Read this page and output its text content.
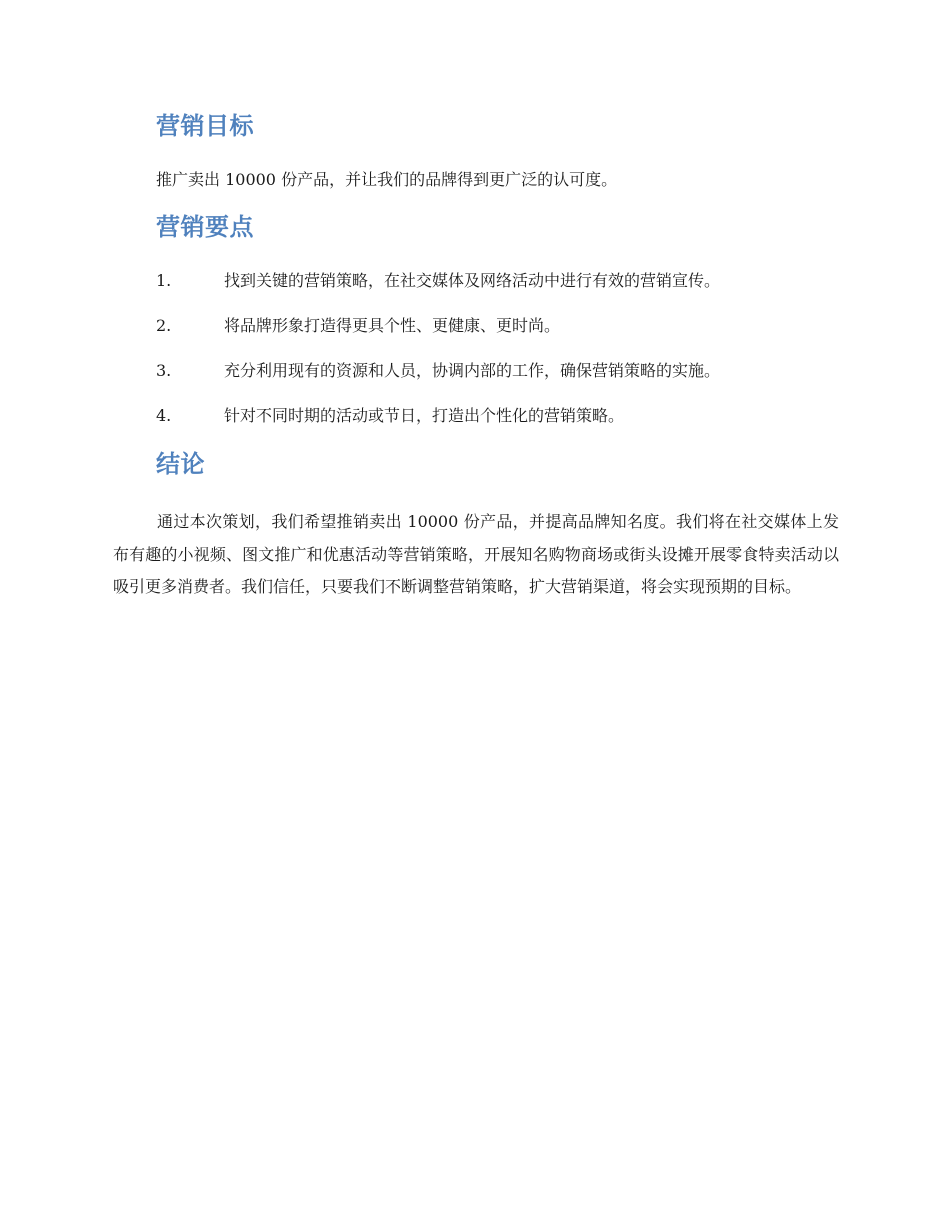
营销目标

推广卖出 10000 份产品，并让我们的品牌得到更广泛的认可度。

营销要点
1.	找到关键的营销策略，在社交媒体及网络活动中进行有效的营销宣传。
2.	将品牌形象打造得更具个性、更健康、更时尚。
3.	充分利用现有的资源和人员，协调内部的工作，确保营销策略的实施。
4.	针对不同时期的活动或节日，打造出个性化的营销策略。
结论

通过本次策划，我们希望推销卖出 10000 份产品，并提高品牌知名度。我们将在社交媒体上发布有趣的小视频、图文推广和优惠活动等营销策略，开展知名购物商场或街头设摊开展零食特卖活动以吸引更多消费者。我们信任，只要我们不断调整营销策略，扩大营销渠道，将会实现预期的目标。
